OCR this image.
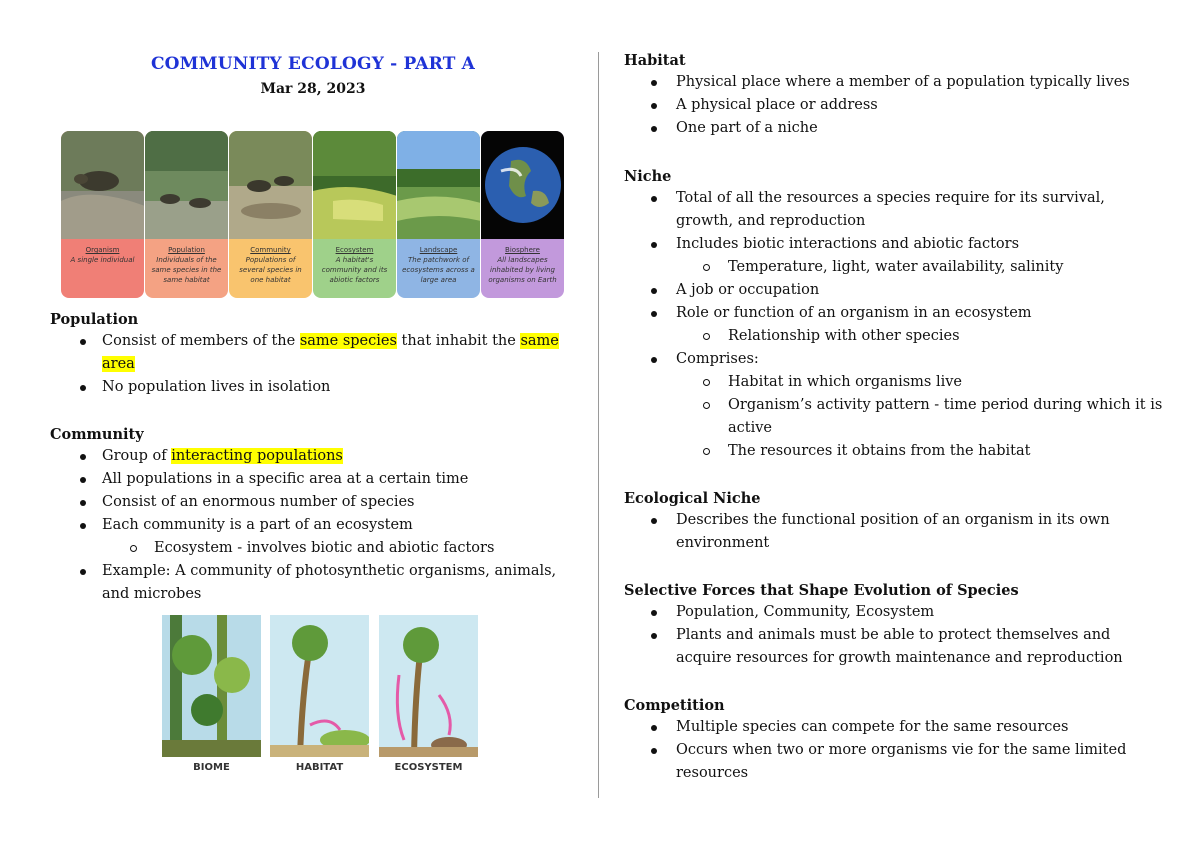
COMMUNITY ECOLOGY - PART A
Mar 28, 2023
Organism
A single individual
Population
Individuals of the same species in the same habitat
Community
Populations of several species in one habitat
Ecosystem
A habitat's community and its abiotic factors
Landscape
The patchwork of ecosystems across a large area
Biosphere
All landscapes inhabited by living organisms on Earth
Population
Consist of members of the same species that inhabit the same area
No population lives in isolation
Community
Group of interacting populations
All populations in a specific area at a certain time
Consist of an enormous number of species
Each community is a part of an ecosystem
Ecosystem - involves biotic and abiotic factors
Example: A community of photosynthetic organisms, animals, and microbes
BIOME	HABITAT	ECOSYSTEM
Habitat
Physical place where a member of a population typically lives
A physical place or address
One part of a niche
Niche
Total of all the resources a species require for its survival, growth, and reproduction
Includes biotic interactions and abiotic factors
Temperature, light, water availability, salinity
A job or occupation
Role or function of an organism in an ecosystem
Relationship with other species
Comprises:
Habitat in which organisms live
Organism’s activity pattern - time period during which it is active
The resources it obtains from the habitat
Ecological Niche
Describes the functional position of an organism in its own environment
Selective Forces that Shape Evolution of Species
Population, Community, Ecosystem
Plants and animals must be able to protect themselves and acquire resources for growth maintenance and reproduction
Competition
Multiple species can compete for the same resources
Occurs when two or more organisms vie for the same limited resources
